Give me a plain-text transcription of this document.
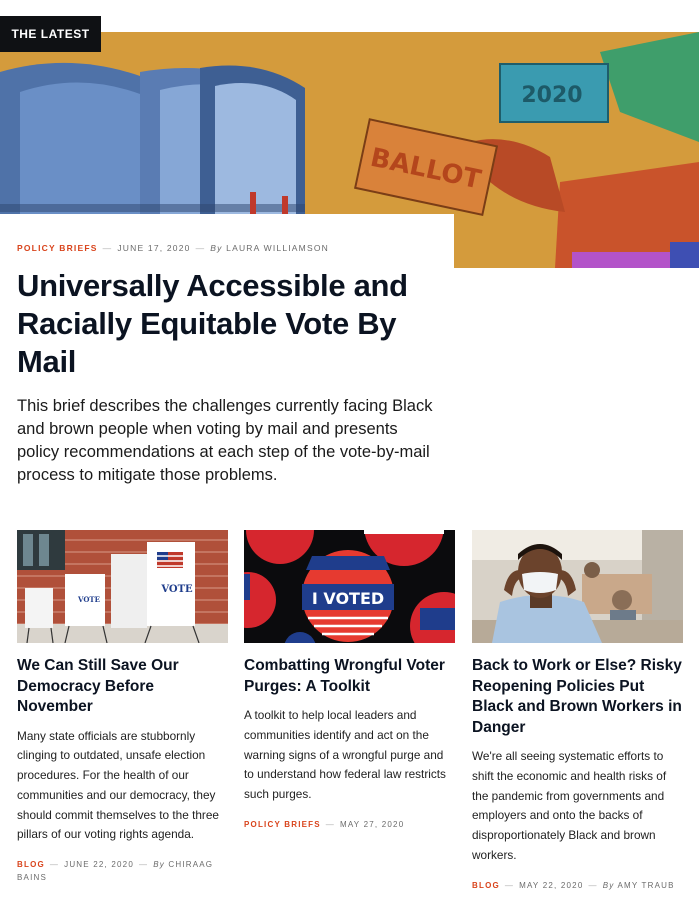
THE LATEST
BALLOT
2020
POLICY BRIEFS — JUNE 17, 2020 — By LAURA WILLIAMSON
Universally Accessible and Racially Equitable Vote By Mail

This brief describes the challenges currently facing Black and brown people when voting by mail and presents policy recommendations at each step of the vote-by-mail process to mitigate those problems.

VOTE
VOTE
We Can Still Save Our Democracy Before November

Many state officials are stubbornly clinging to outdated, unsafe election procedures. For the health of our communities and our democracy, they should commit themselves to the three pillars of our voting rights agenda.

BLOG — JUNE 22, 2020 — By CHIRAAG BAINS
I VOTED
Combatting Wrongful Voter Purges: A Toolkit

A toolkit to help local leaders and communities identify and act on the warning signs of a wrongful purge and to understand how federal law restricts such purges.

POLICY BRIEFS — MAY 27, 2020
Back to Work or Else? Risky Reopening Policies Put Black and Brown Workers in Danger

We're all seeing systematic efforts to shift the economic and health risks of the pandemic from governments and employers and onto the backs of disproportionately Black and brown workers.

BLOG — MAY 22, 2020 — By AMY TRAUB
